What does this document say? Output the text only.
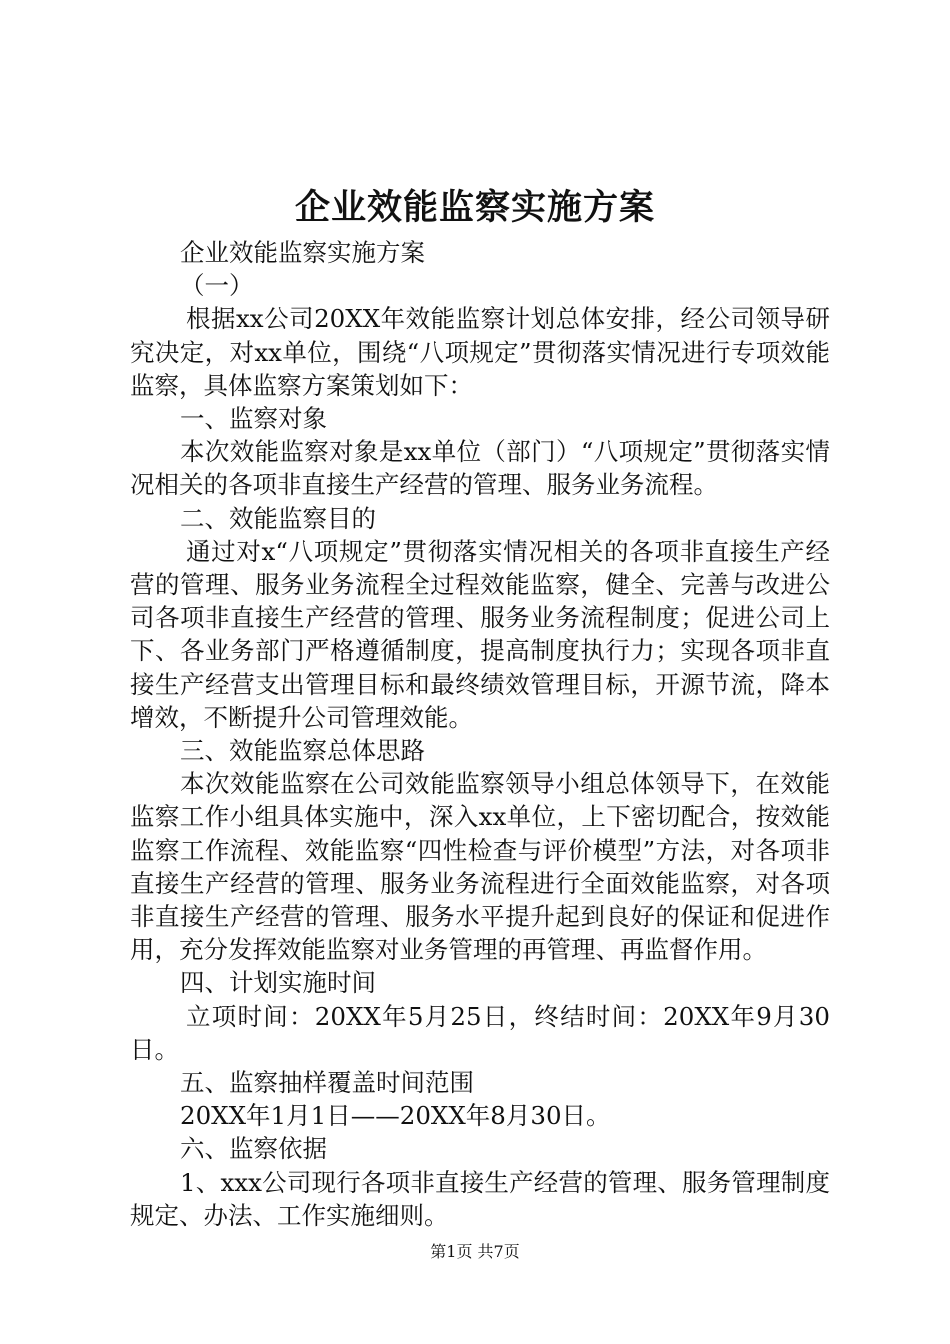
企业效能监察实施方案

企业效能监察实施方案

（一）

根据xx公司20XX年效能监察计划总体安排，经公司领导研究决定，对xx单位，围绕“八项规定”贯彻落实情况进行专项效能监察，具体监察方案策划如下：

一、监察对象

本次效能监察对象是xx单位（部门）“八项规定”贯彻落实情况相关的各项非直接生产经营的管理、服务业务流程。

二、效能监察目的

通过对x“八项规定”贯彻落实情况相关的各项非直接生产经营的管理、服务业务流程全过程效能监察，健全、完善与改进公司各项非直接生产经营的管理、服务业务流程制度；促进公司上下、各业务部门严格遵循制度，提高制度执行力；实现各项非直接生产经营支出管理目标和最终绩效管理目标，开源节流，降本增效，不断提升公司管理效能。

三、效能监察总体思路

本次效能监察在公司效能监察领导小组总体领导下，在效能监察工作小组具体实施中，深入xx单位，上下密切配合，按效能监察工作流程、效能监察“四性检查与评价模型”方法，对各项非直接生产经营的管理、服务业务流程进行全面效能监察，对各项非直接生产经营的管理、服务水平提升起到良好的保证和促进作用，充分发挥效能监察对业务管理的再管理、再监督作用。

四、计划实施时间

立项时间：20XX年5月25日，终结时间：20XX年9月30日。

五、监察抽样覆盖时间范围

20XX年1月1日——20XX年8月30日。

六、监察依据

1、xxx公司现行各项非直接生产经营的管理、服务管理制度规定、办法、工作实施细则。

第1页 共7页
